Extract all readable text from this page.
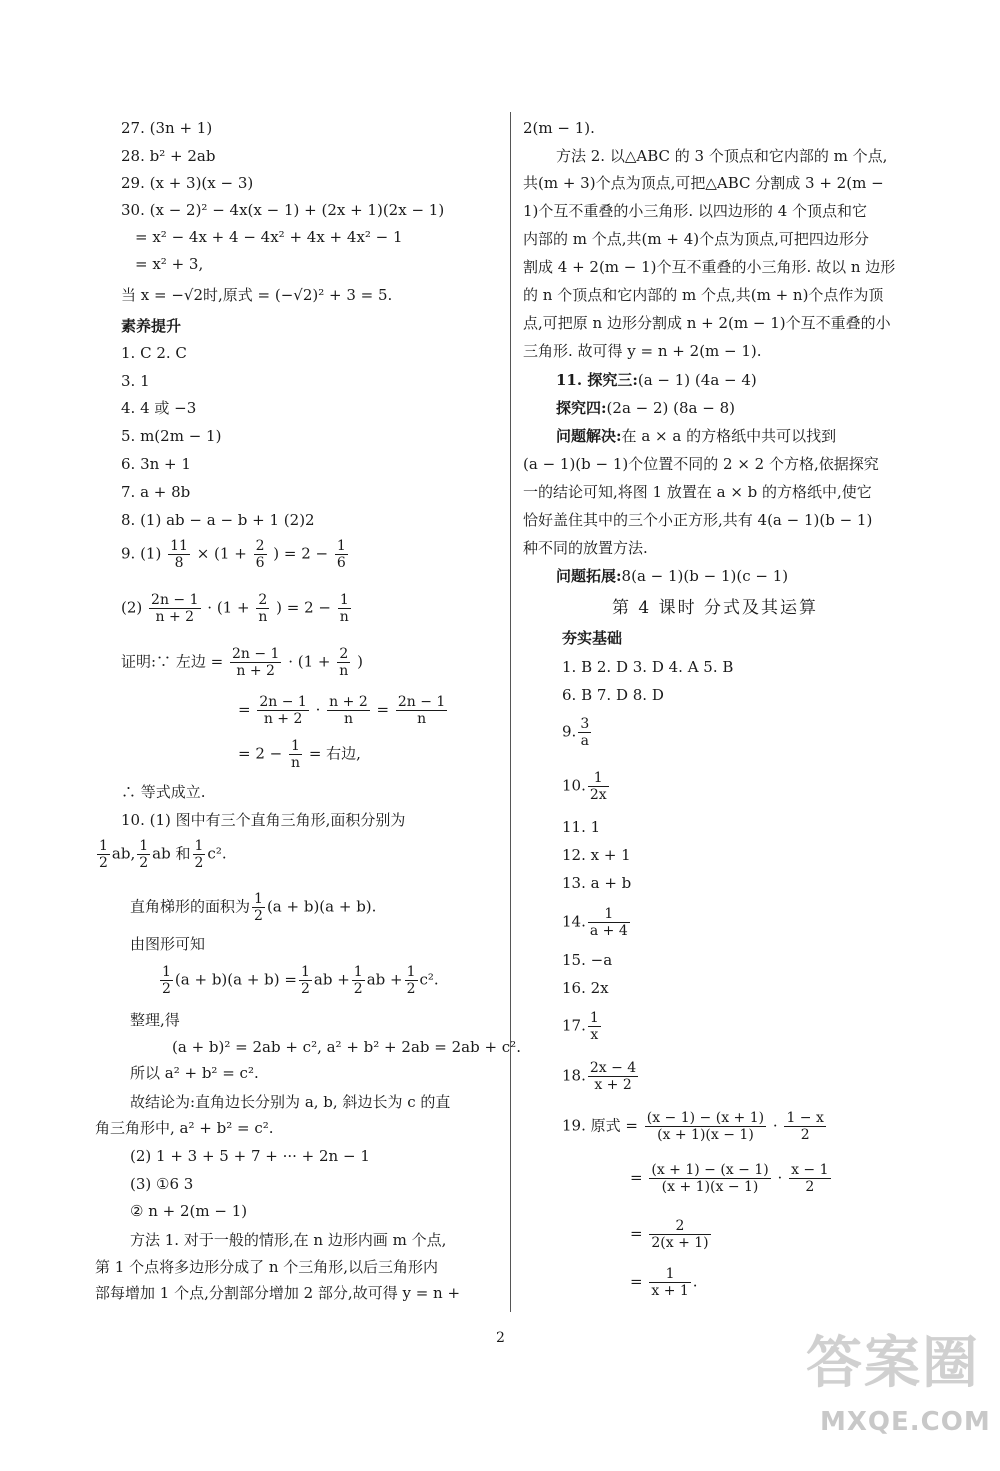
27. (3n + 1)
28. b² + 2ab
29. (x + 3)(x − 3)
30. (x − 2)² − 4x(x − 1) + (2x + 1)(2x − 1)
= x² − 4x + 4 − 4x² + 4x + 4x² − 1
= x² + 3,
当 x = −√2时,原式 = (−√2)² + 3 = 5.
素养提升
1. C 2. C
3. 1
4. 4 或 −3
5. m(2m − 1)
6. 3n + 1
7. a + 8b
8. (1) ab − a − b + 1 (2)2
9. $(1) \frac{11}{8} \times (1 + \frac{2}{6}$ ) = $2 - \frac{1}{6}$
$(2) \frac{2n - 1}{n + 2} \cdot (1 + \frac{2}{n}$ ) = $2 - \frac{1}{n}$
证明:∵ 左边 = $\frac{2n - 1}{n + 2} \cdot (1 + \frac{2}{n}$ )
= $\frac{2n - 1}{n + 2} \cdot \frac{n + 2}{n} = \frac{2n - 1}{n}$
= $2 - \frac{1}{n}$ = 右边,
∴ 等式成立.
10. (1) 图中有三个直角三角形,面积分别为
$\frac{1}{2}$ ab, $\frac{1}{2}$ ab 和 $\frac{1}{2} c^2$.
直角梯形的面积为 $\frac{1}{2} (a + b)(a + b)$.
由图形可知
$\frac{1}{2} (a + b)(a + b) = \frac{1}{2}$ ab + $\frac{1}{2}$ ab + $\frac{1}{2} c^2$.
整理,得
(a + b)² = 2ab + c², a² + b² + 2ab = 2ab + c².
所以 a² + b² = c².
故结论为:直角边长分别为 a, b, 斜边长为 c 的直
角三角形中, a² + b² = c².
(2) 1 + 3 + 5 + 7 + ··· + 2n − 1
(3) ①6 3
② n + 2(m − 1)
方法 1. 对于一般的情形,在 n 边形内画 m 个点,
第 1 个点将多边形分成了 n 个三角形,以后三角形内
部每增加 1 个点,分割部分增加 2 部分,故可得 y = n +
2(m − 1).
方法 2. 以△ABC 的 3 个顶点和它内部的 m 个点,
共(m + 3)个点为顶点,可把△ABC 分割成 3 + 2(m −
1)个互不重叠的小三角形. 以四边形的 4 个顶点和它
内部的 m 个点,共(m + 4)个点为顶点,可把四边形分
割成 4 + 2(m − 1)个互不重叠的小三角形. 故以 n 边形
的 n 个顶点和它内部的 m 个点,共(m + n)个点作为顶
点,可把原 n 边形分割成 n + 2(m − 1)个互不重叠的小
三角形. 故可得 y = n + 2(m − 1).
11. 探究三:(a − 1) (4a − 4)
探究四:(2a − 2) (8a − 8)
问题解决:在 a × a 的方格纸中共可以找到
(a − 1)(b − 1)个位置不同的 2 × 2 个方格,依据探究
一的结论可知,将图 1 放置在 a × b 的方格纸中,使它
恰好盖住其中的三个小正方形,共有 4(a − 1)(b − 1)
种不同的放置方法.
问题拓展:8(a − 1)(b − 1)(c − 1)
第 4 课时 分式及其运算
夯实基础
1. B 2. D 3. D 4. A 5. B
6. B 7. D 8. D
9. $\frac{3}{a}$
10. $\frac{1}{2x}$
11. 1
12. x + 1
13. a + b
14. $\frac{1}{a + 4}$
15. −a
16. 2x
17. $\frac{1}{x}$
18. $\frac{2x - 4}{x + 2}$
19. 原式 = $\frac{(x - 1) - (x + 1)}{(x + 1)(x - 1)} \cdot \frac{1 - x}{2}$
= $\frac{(x + 1) - (x - 1)}{(x + 1)(x - 1)} \cdot \frac{x - 1}{2}$
= $\frac{2}{2(x + 1)}$
= $\frac{1}{x + 1}$ .
2	答案圈
MXQE.COM
